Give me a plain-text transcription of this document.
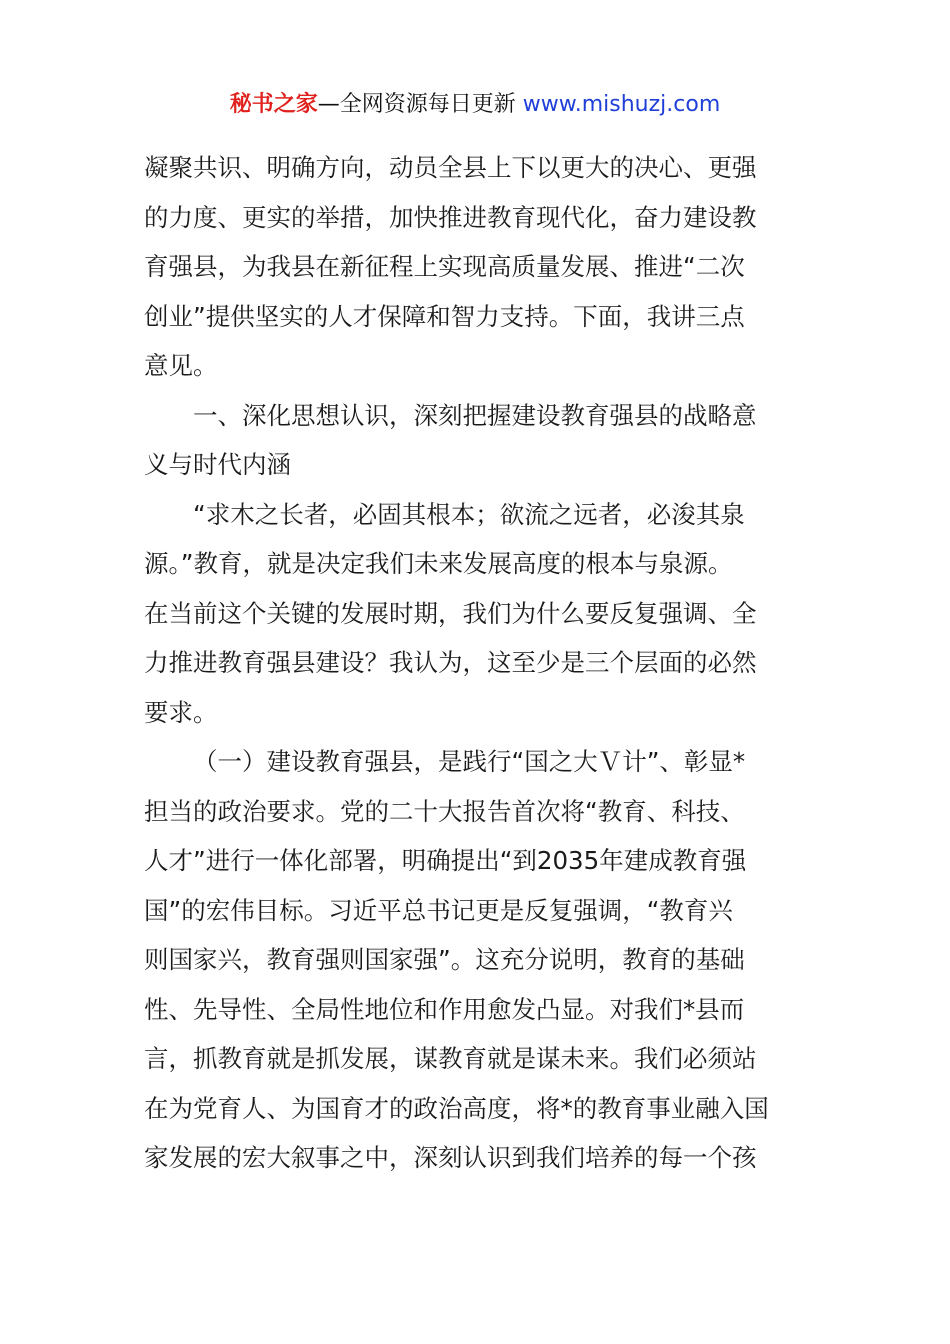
秘书之家—全网资源每日更新 www.mishuzj.com
凝聚共识、明确方向，动员全县上下以更大的决心、更强
的力度、更实的举措，加快推进教育现代化，奋力建设教
育强县，为我县在新征程上实现高质量发展、推进“二次
创业”提供坚实的人才保障和智力支持。下面，我讲三点
意见。
一、深化思想认识，深刻把握建设教育强县的战略意
义与时代内涵
“求木之长者，必固其根本；欲流之远者，必浚其泉
源。”教育，就是决定我们未来发展高度的根本与泉源。
在当前这个关键的发展时期，我们为什么要反复强调、全
力推进教育强县建设？我认为，这至少是三个层面的必然
要求。
（一）建设教育强县，是践行“国之大Ｖ计”、彰显*
担当的政治要求。党的二十大报告首次将“教育、科技、
人才”进行一体化部署，明确提出“到2035年建成教育强
国”的宏伟目标。习近平总书记更是反复强调，“教育兴
则国家兴，教育强则国家强”。这充分说明，教育的基础
性、先导性、全局性地位和作用愈发凸显。对我们*县而
言，抓教育就是抓发展，谋教育就是谋未来。我们必须站
在为党育人、为国育才的政治高度，将*的教育事业融入国
家发展的宏大叙事之中，深刻认识到我们培养的每一个孩
